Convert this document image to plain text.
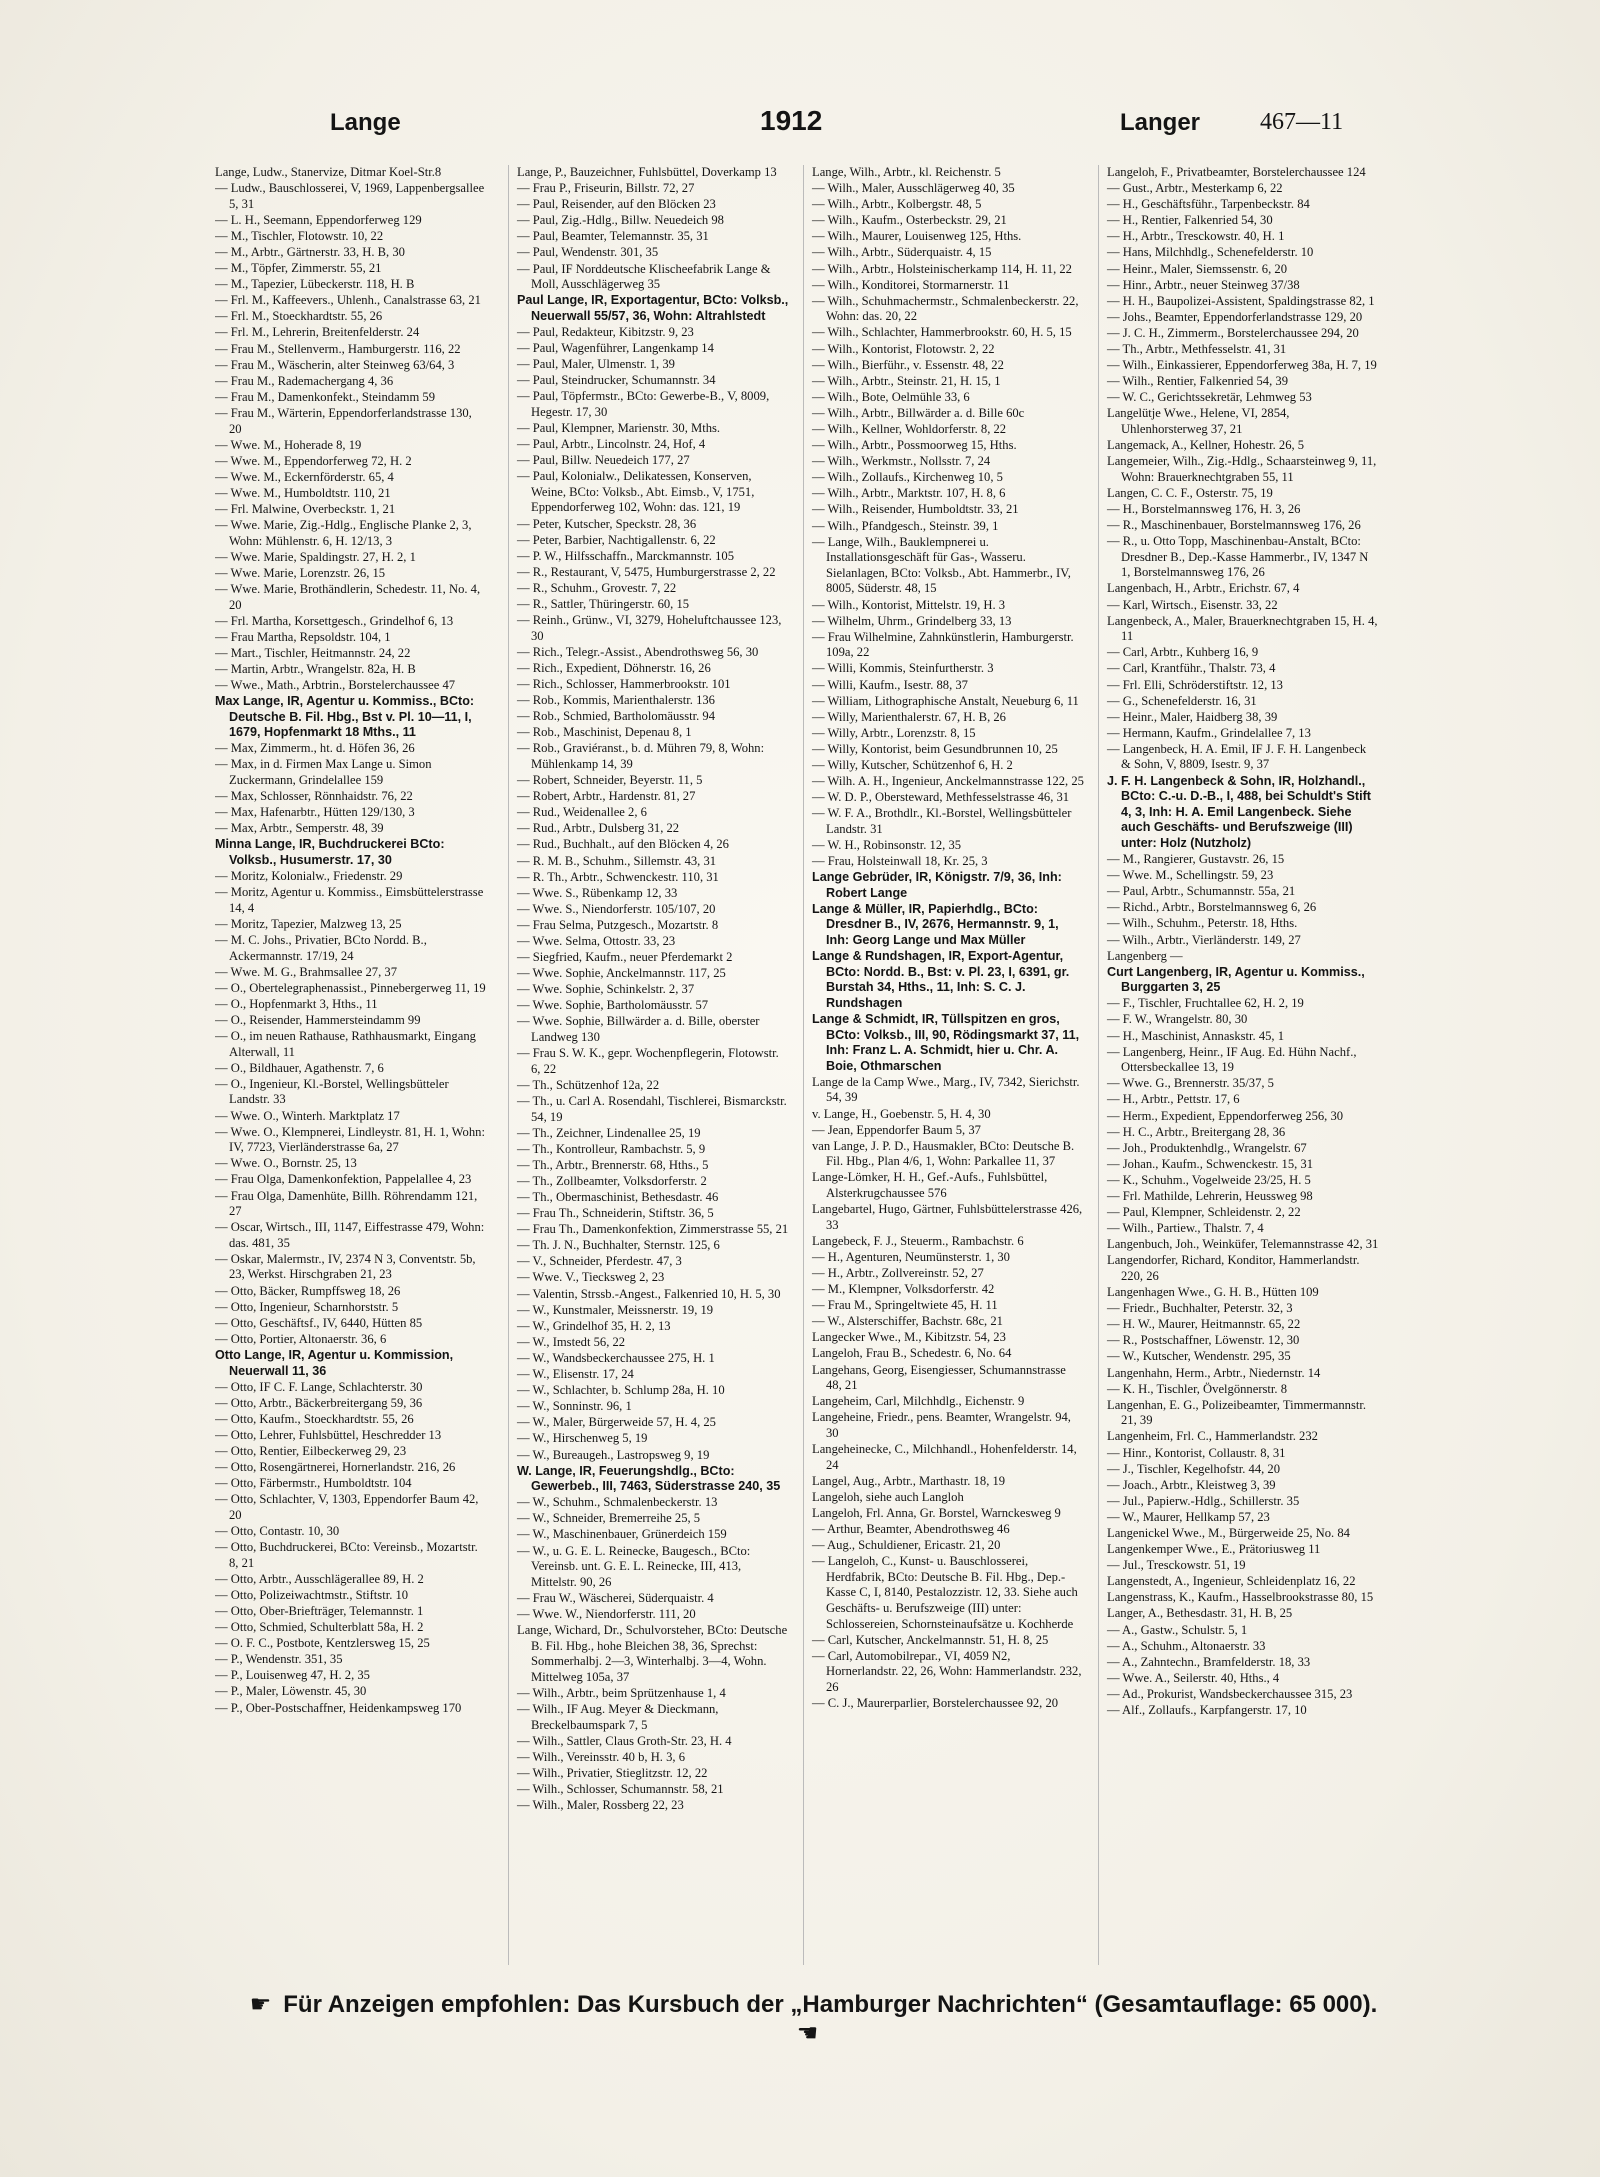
Lange	1912	Langer 467—11
Lange, Ludw., Stanervize, Ditmar Koel-Str.8
— Ludw., Bauschlosserei, V, 1969, Lappenbergsallee 5, 31
— L. H., Seemann, Eppendorferweg 129
— M., Tischler, Flotowstr. 10, 22
— M., Arbtr., Gärtnerstr. 33, H. B, 30
— M., Töpfer, Zimmerstr. 55, 21
— M., Tapezier, Lübeckerstr. 118, H. B
— Frl. M., Kaffeevers., Uhlenh., Canalstrasse 63, 21
— Frl. M., Stoeckhardtstr. 55, 26
— Frl. M., Lehrerin, Breitenfelderstr. 24
— Frau M., Stellenverm., Hamburgerstr. 116, 22
— Frau M., Wäscherin, alter Steinweg 63/64, 3
— Frau M., Rademachergang 4, 36
— Frau M., Damenkonfekt., Steindamm 59
— Frau M., Wärterin, Eppendorferlandstrasse 130, 20
— Wwe. M., Hoherade 8, 19
— Wwe. M., Eppendorferweg 72, H. 2
— Wwe. M., Eckernförderstr. 65, 4
— Wwe. M., Humboldtstr. 110, 21
— Frl. Malwine, Overbeckstr. 1, 21
— Wwe. Marie, Zig.-Hdlg., Englische Planke 2, 3, Wohn: Mühlenstr. 6, H. 12/13, 3
— Wwe. Marie, Spaldingstr. 27, H. 2, 1
— Wwe. Marie, Lorenzstr. 26, 15
— Wwe. Marie, Brothändlerin, Schedestr. 11, No. 4, 20
— Frl. Martha, Korsettgesch., Grindelhof 6, 13
— Frau Martha, Repsoldstr. 104, 1
— Mart., Tischler, Heitmannstr. 24, 22
— Martin, Arbtr., Wrangelstr. 82a, H. B
— Wwe., Math., Arbtrin., Borstelerchaussee 47
Max Lange, IR, Agentur u. Kommiss., BCto: Deutsche B. Fil. Hbg., Bst v. Pl. 10—11, I, 1679, Hopfenmarkt 18 Mths., 11
— Max, Zimmerm., ht. d. Höfen 36, 26
— Max, in d. Firmen Max Lange u. Simon Zuckermann, Grindelallee 159
— Max, Schlosser, Rönnhaidstr. 76, 22
— Max, Hafenarbtr., Hütten 129/130, 3
— Max, Arbtr., Semperstr. 48, 39
Minna Lange, IR, Buchdruckerei BCto: Volksb., Husumerstr. 17, 30
— Moritz, Kolonialw., Friedenstr. 29
— Moritz, Agentur u. Kommiss., Eimsbüttelerstrasse 14, 4
— Moritz, Tapezier, Malzweg 13, 25
— M. C. Johs., Privatier, BCto Nordd. B., Ackermannstr. 17/19, 24
— Wwe. M. G., Brahmsallee 27, 37
— O., Obertelegraphenassist., Pinnebergerweg 11, 19
— O., Hopfenmarkt 3, Hths., 11
— O., Reisender, Hammersteindamm 99
— O., im neuen Rathause, Rathhausmarkt, Eingang Alterwall, 11
— O., Bildhauer, Agathenstr. 7, 6
— O., Ingenieur, Kl.-Borstel, Wellingsbütteler Landstr. 33
— Wwe. O., Winterh. Marktplatz 17
— Wwe. O., Klempnerei, Lindleystr. 81, H. 1, Wohn: IV, 7723, Vierländerstrasse 6a, 27
— Wwe. O., Bornstr. 25, 13
— Frau Olga, Damenkonfektion, Pappelallee 4, 23
— Frau Olga, Damenhüte, Billh. Röhrendamm 121, 27
— Oscar, Wirtsch., III, 1147, Eiffestrasse 479, Wohn: das. 481, 35
— Oskar, Malermstr., IV, 2374 N 3, Conventstr. 5b, 23, Werkst. Hirschgraben 21, 23
— Otto, Bäcker, Rumpffsweg 18, 26
— Otto, Ingenieur, Scharnhorststr. 5
— Otto, Geschäftsf., IV, 6440, Hütten 85
— Otto, Portier, Altonaerstr. 36, 6
Otto Lange, IR, Agentur u. Kommission, Neuerwall 11, 36
— Otto, IF C. F. Lange, Schlachterstr. 30
— Otto, Arbtr., Bäckerbreitergang 59, 36
— Otto, Kaufm., Stoeckhardtstr. 55, 26
— Otto, Lehrer, Fuhlsbüttel, Heschredder 13
— Otto, Rentier, Eilbeckerweg 29, 23
— Otto, Rosengärtnerei, Hornerlandstr. 216, 26
— Otto, Färbermstr., Humboldtstr. 104
— Otto, Schlachter, V, 1303, Eppendorfer Baum 42, 20
— Otto, Contastr. 10, 30
— Otto, Buchdruckerei, BCto: Vereinsb., Mozartstr. 8, 21
— Otto, Arbtr., Ausschlägerallee 89, H. 2
— Otto, Polizeiwachtmstr., Stiftstr. 10
— Otto, Ober-Briefträger, Telemannstr. 1
— Otto, Schmied, Schulterblatt 58a, H. 2
— O. F. C., Postbote, Kentzlersweg 15, 25
— P., Wendenstr. 351, 35
— P., Louisenweg 47, H. 2, 35
— P., Maler, Löwenstr. 45, 30
— P., Ober-Postschaffner, Heidenkampsweg 170
Lange, P., Bauzeichner, Fuhlsbüttel, Doverkamp 13
— Frau P., Friseurin, Billstr. 72, 27
— Paul, Reisender, auf den Blöcken 23
— Paul, Zig.-Hdlg., Billw. Neuedeich 98
— Paul, Beamter, Telemannstr. 35, 31
— Paul, Wendenstr. 301, 35
— Paul, IF Norddeutsche Klischeefabrik Lange & Moll, Ausschlägerweg 35
Paul Lange, IR, Exportagentur, BCto: Volksb., Neuerwall 55/57, 36, Wohn: Altrahlstedt
— Paul, Redakteur, Kibitzstr. 9, 23
— Paul, Wagenführer, Langenkamp 14
— Paul, Maler, Ulmenstr. 1, 39
— Paul, Steindrucker, Schumannstr. 34
— Paul, Töpfermstr., BCto: Gewerbe-B., V, 8009, Hegestr. 17, 30
— Paul, Klempner, Marienstr. 30, Mths.
— Paul, Arbtr., Lincolnstr. 24, Hof, 4
— Paul, Billw. Neuedeich 177, 27
— Paul, Kolonialw., Delikatessen, Konserven, Weine, BCto: Volksb., Abt. Eimsb., V, 1751, Eppendorferweg 102, Wohn: das. 121, 19
— Peter, Kutscher, Speckstr. 28, 36
— Peter, Barbier, Nachtigallenstr. 6, 22
— P. W., Hilfsschaffn., Marckmannstr. 105
— R., Restaurant, V, 5475, Humburgerstrasse 2, 22
— R., Schuhm., Grovestr. 7, 22
— R., Sattler, Thüringerstr. 60, 15
— Reinh., Grünw., VI, 3279, Hoheluftchaussee 123, 30
— Rich., Telegr.-Assist., Abendrothsweg 56, 30
— Rich., Expedient, Döhnerstr. 16, 26
— Rich., Schlosser, Hammerbrookstr. 101
— Rob., Kommis, Marienthalerstr. 136
— Rob., Schmied, Bartholomäusstr. 94
— Rob., Maschinist, Depenau 8, 1
— Rob., Graviéranst., b. d. Mühren 79, 8, Wohn: Mühlenkamp 14, 39
— Robert, Schneider, Beyerstr. 11, 5
— Robert, Arbtr., Hardenstr. 81, 27
— Rud., Weidenallee 2, 6
— Rud., Arbtr., Dulsberg 31, 22
— Rud., Buchhalt., auf den Blöcken 4, 26
— R. M. B., Schuhm., Sillemstr. 43, 31
— R. Th., Arbtr., Schwenckestr. 110, 31
— Wwe. S., Rübenkamp 12, 33
— Wwe. S., Niendorferstr. 105/107, 20
— Frau Selma, Putzgesch., Mozartstr. 8
— Wwe. Selma, Ottostr. 33, 23
— Siegfried, Kaufm., neuer Pferdemarkt 2
— Wwe. Sophie, Anckelmannstr. 117, 25
— Wwe. Sophie, Schinkelstr. 2, 37
— Wwe. Sophie, Bartholomäusstr. 57
— Wwe. Sophie, Billwärder a. d. Bille, oberster Landweg 130
— Frau S. W. K., gepr. Wochenpflegerin, Flotowstr. 6, 22
— Th., Schützenhof 12a, 22
— Th., u. Carl A. Rosendahl, Tischlerei, Bismarckstr. 54, 19
— Th., Zeichner, Lindenallee 25, 19
— Th., Kontrolleur, Rambachstr. 5, 9
— Th., Arbtr., Brennerstr. 68, Hths., 5
— Th., Zollbeamter, Volksdorferstr. 2
— Th., Obermaschinist, Bethesdastr. 46
— Frau Th., Schneiderin, Stiftstr. 36, 5
— Frau Th., Damenkonfektion, Zimmerstrasse 55, 21
— Th. J. N., Buchhalter, Sternstr. 125, 6
— V., Schneider, Pferdestr. 47, 3
— Wwe. V., Tiecksweg 2, 23
— Valentin, Strssb.-Angest., Falkenried 10, H. 5, 30
— W., Kunstmaler, Meissnerstr. 19, 19
— W., Grindelhof 35, H. 2, 13
— W., Imstedt 56, 22
— W., Wandsbeckerchaussee 275, H. 1
— W., Elisenstr. 17, 24
— W., Schlachter, b. Schlump 28a, H. 10
— W., Sonninstr. 96, 1
— W., Maler, Bürgerweide 57, H. 4, 25
— W., Hirschenweg 5, 19
— W., Bureaugeh., Lastropsweg 9, 19
W. Lange, IR, Feuerungshdlg., BCto: Gewerbeb., III, 7463, Süderstrasse 240, 35
— W., Schuhm., Schmalenbeckerstr. 13
— W., Schneider, Bremerreihe 25, 5
— W., Maschinenbauer, Grünerdeich 159
— W., u. G. E. L. Reinecke, Baugesch., BCto: Vereinsb. unt. G. E. L. Reinecke, III, 413, Mittelstr. 90, 26
— Frau W., Wäscherei, Süderquaistr. 4
— Wwe. W., Niendorferstr. 111, 20
Lange, Wichard, Dr., Schulvorsteher, BCto: Deutsche B. Fil. Hbg., hohe Bleichen 38, 36, Sprechst: Sommerhalbj. 2—3, Winterhalbj. 3—4, Wohn. Mittelweg 105a, 37
— Wilh., Arbtr., beim Sprützenhause 1, 4
— Wilh., IF Aug. Meyer & Dieckmann, Breckelbaumspark 7, 5
— Wilh., Sattler, Claus Groth-Str. 23, H. 4
— Wilh., Vereinsstr. 40 b, H. 3, 6
— Wilh., Privatier, Stieglitzstr. 12, 22
— Wilh., Schlosser, Schumannstr. 58, 21
— Wilh., Maler, Rossberg 22, 23
Lange, Wilh., Arbtr., kl. Reichenstr. 5
— Wilh., Maler, Ausschlägerweg 40, 35
— Wilh., Arbtr., Kolbergstr. 48, 5
— Wilh., Kaufm., Osterbeckstr. 29, 21
— Wilh., Maurer, Louisenweg 125, Hths.
— Wilh., Arbtr., Süderquaistr. 4, 15
— Wilh., Arbtr., Holsteinischerkamp 114, H. 11, 22
— Wilh., Konditorei, Stormarnerstr. 11
— Wilh., Schuhmachermstr., Schmalenbeckerstr. 22, Wohn: das. 20, 22
— Wilh., Schlachter, Hammerbrookstr. 60, H. 5, 15
— Wilh., Kontorist, Flotowstr. 2, 22
— Wilh., Bierführ., v. Essenstr. 48, 22
— Wilh., Arbtr., Steinstr. 21, H. 15, 1
— Wilh., Bote, Oelmühle 33, 6
— Wilh., Arbtr., Billwärder a. d. Bille 60c
— Wilh., Kellner, Wohldorferstr. 8, 22
— Wilh., Arbtr., Possmoorweg 15, Hths.
— Wilh., Werkmstr., Nollsstr. 7, 24
— Wilh., Zollaufs., Kirchenweg 10, 5
— Wilh., Arbtr., Marktstr. 107, H. 8, 6
— Wilh., Reisender, Humboldtstr. 33, 21
— Wilh., Pfandgesch., Steinstr. 39, 1
— Lange, Wilh., Bauklempnerei u. Installationsgeschäft für Gas-, Wasseru. Sielanlagen, BCto: Volksb., Abt. Hammerbr., IV, 8005, Süderstr. 48, 15
— Wilh., Kontorist, Mittelstr. 19, H. 3
— Wilhelm, Uhrm., Grindelberg 33, 13
— Frau Wilhelmine, Zahnkünstlerin, Hamburgerstr. 109a, 22
— Willi, Kommis, Steinfurtherstr. 3
— Willi, Kaufm., Isestr. 88, 37
— William, Lithographische Anstalt, Neueburg 6, 11
— Willy, Marienthalerstr. 67, H. B, 26
— Willy, Arbtr., Lorenzstr. 8, 15
— Willy, Kontorist, beim Gesundbrunnen 10, 25
— Willy, Kutscher, Schützenhof 6, H. 2
— Wilh. A. H., Ingenieur, Anckelmannstrasse 122, 25
— W. D. P., Obersteward, Methfesselstrasse 46, 31
— W. F. A., Brothdlr., Kl.-Borstel, Wellingsbütteler Landstr. 31
— W. H., Robinsonstr. 12, 35
— Frau, Holsteinwall 18, Kr. 25, 3
Lange Gebrüder, IR, Königstr. 7/9, 36, Inh: Robert Lange
Lange & Müller, IR, Papierhdlg., BCto: Dresdner B., IV, 2676, Hermannstr. 9, 1, Inh: Georg Lange und Max Müller
Lange & Rundshagen, IR, Export-Agentur, BCto: Nordd. B., Bst: v. Pl. 23, I, 6391, gr. Burstah 34, Hths., 11, Inh: S. C. J. Rundshagen
Lange & Schmidt, IR, Tüllspitzen en gros, BCto: Volksb., III, 90, Rödingsmarkt 37, 11, Inh: Franz L. A. Schmidt, hier u. Chr. A. Boie, Othmarschen
Lange de la Camp Wwe., Marg., IV, 7342, Sierichstr. 54, 39
v. Lange, H., Goebenstr. 5, H. 4, 30
— Jean, Eppendorfer Baum 5, 37
van Lange, J. P. D., Hausmakler, BCto: Deutsche B. Fil. Hbg., Plan 4/6, 1, Wohn: Parkallee 11, 37
Lange-Lömker, H. H., Gef.-Aufs., Fuhlsbüttel, Alsterkrugchaussee 576
Langebartel, Hugo, Gärtner, Fuhlsbüttelerstrasse 426, 33
Langebeck, F. J., Steuerm., Rambachstr. 6
— H., Agenturen, Neumünsterstr. 1, 30
— H., Arbtr., Zollvereinstr. 52, 27
— M., Klempner, Volksdorferstr. 42
— Frau M., Springeltwiete 45, H. 11
— W., Alsterschiffer, Bachstr. 68c, 21
Langecker Wwe., M., Kibitzstr. 54, 23
Langeloh, Frau B., Schedestr. 6, No. 64
Langehans, Georg, Eisengiesser, Schumannstrasse 48, 21
Langeheim, Carl, Milchhdlg., Eichenstr. 9
Langeheine, Friedr., pens. Beamter, Wrangelstr. 94, 30
Langeheinecke, C., Milchhandl., Hohenfelderstr. 14, 24
Langel, Aug., Arbtr., Marthastr. 18, 19
Langeloh, siehe auch Langloh
Langeloh, Frl. Anna, Gr. Borstel, Warnckesweg 9
— Arthur, Beamter, Abendrothsweg 46
— Aug., Schuldiener, Ericastr. 21, 20
— Langeloh, C., Kunst- u. Bauschlosserei, Herdfabrik, BCto: Deutsche B. Fil. Hbg., Dep.-Kasse C, I, 8140, Pestalozzistr. 12, 33. Siehe auch Geschäfts- u. Berufszweige (III) unter: Schlossereien, Schornsteinaufsätze u. Kochherde
— Carl, Kutscher, Anckelmannstr. 51, H. 8, 25
— Carl, Automobilrepar., VI, 4059 N2, Hornerlandstr. 22, 26, Wohn: Hammerlandstr. 232, 26
— C. J., Maurerparlier, Borstelerchaussee 92, 20
Langeloh, F., Privatbeamter, Borstelerchaussee 124
— Gust., Arbtr., Mesterkamp 6, 22
— H., Geschäftsführ., Tarpenbeckstr. 84
— H., Rentier, Falkenried 54, 30
— H., Arbtr., Tresckowstr. 40, H. 1
— Hans, Milchhdlg., Schenefelderstr. 10
— Heinr., Maler, Siemssenstr. 6, 20
— Hinr., Arbtr., neuer Steinweg 37/38
— H. H., Baupolizei-Assistent, Spaldingstrasse 82, 1
— Johs., Beamter, Eppendorferlandstrasse 129, 20
— J. C. H., Zimmerm., Borstelerchaussee 294, 20
— Th., Arbtr., Methfesselstr. 41, 31
— Wilh., Einkassierer, Eppendorferweg 38a, H. 7, 19
— Wilh., Rentier, Falkenried 54, 39
— W. C., Gerichtssekretär, Lehmweg 53
Langelütje Wwe., Helene, VI, 2854, Uhlenhorsterweg 37, 21
Langemack, A., Kellner, Hohestr. 26, 5
Langemeier, Wilh., Zig.-Hdlg., Schaarsteinweg 9, 11, Wohn: Brauerknechtgraben 55, 11
Langen, C. C. F., Osterstr. 75, 19
— H., Borstelmannsweg 176, H. 3, 26
— R., Maschinenbauer, Borstelmannsweg 176, 26
— R., u. Otto Topp, Maschinenbau-Anstalt, BCto: Dresdner B., Dep.-Kasse Hammerbr., IV, 1347 N 1, Borstelmannsweg 176, 26
Langenbach, H., Arbtr., Erichstr. 67, 4
— Karl, Wirtsch., Eisenstr. 33, 22
Langenbeck, A., Maler, Brauerknechtgraben 15, H. 4, 11
— Carl, Arbtr., Kuhberg 16, 9
— Carl, Krantführ., Thalstr. 73, 4
— Frl. Elli, Schröderstiftstr. 12, 13
— G., Schenefelderstr. 16, 31
— Heinr., Maler, Haidberg 38, 39
— Hermann, Kaufm., Grindelallee 7, 13
— Langenbeck, H. A. Emil, IF J. F. H. Langenbeck & Sohn, V, 8809, Isestr. 9, 37
J. F. H. Langenbeck & Sohn, IR, Holzhandl., BCto: C.-u. D.-B., I, 488, bei Schuldt's Stift 4, 3, Inh: H. A. Emil Langenbeck. Siehe auch Geschäfts- und Berufszweige (III) unter: Holz (Nutzholz)
— M., Rangierer, Gustavstr. 26, 15
— Wwe. M., Schellingstr. 59, 23
— Paul, Arbtr., Schumannstr. 55a, 21
— Richd., Arbtr., Borstelmannsweg 6, 26
— Wilh., Schuhm., Peterstr. 18, Hths.
— Wilh., Arbtr., Vierländerstr. 149, 27
Langenberg —
Curt Langenberg, IR, Agentur u. Kommiss., Burggarten 3, 25
— F., Tischler, Fruchtallee 62, H. 2, 19
— F. W., Wrangelstr. 80, 30
— H., Maschinist, Annaskstr. 45, 1
— Langenberg, Heinr., IF Aug. Ed. Hühn Nachf., Ottersbeckallee 13, 19
— Wwe. G., Brennerstr. 35/37, 5
— H., Arbtr., Pettstr. 17, 6
— Herm., Expedient, Eppendorferweg 256, 30
— H. C., Arbtr., Breitergang 28, 36
— Joh., Produktenhdlg., Wrangelstr. 67
— Johan., Kaufm., Schwenckestr. 15, 31
— K., Schuhm., Vogelweide 23/25, H. 5
— Frl. Mathilde, Lehrerin, Heussweg 98
— Paul, Klempner, Schleidenstr. 2, 22
— Wilh., Partiew., Thalstr. 7, 4
Langenbuch, Joh., Weinküfer, Telemannstrasse 42, 31
Langendorfer, Richard, Konditor, Hammerlandstr. 220, 26
Langenhagen Wwe., G. H. B., Hütten 109
— Friedr., Buchhalter, Peterstr. 32, 3
— H. W., Maurer, Heitmannstr. 65, 22
— R., Postschaffner, Löwenstr. 12, 30
— W., Kutscher, Wendenstr. 295, 35
Langenhahn, Herm., Arbtr., Niedernstr. 14
— K. H., Tischler, Övelgönnerstr. 8
Langenhan, E. G., Polizeibeamter, Timmermannstr. 21, 39
Langenheim, Frl. C., Hammerlandstr. 232
— Hinr., Kontorist, Collaustr. 8, 31
— J., Tischler, Kegelhofstr. 44, 20
— Joach., Arbtr., Kleistweg 3, 39
— Jul., Papierw.-Hdlg., Schillerstr. 35
— W., Maurer, Hellkamp 57, 23
Langenickel Wwe., M., Bürgerweide 25, No. 84
Langenkemper Wwe., E., Prätoriusweg 11
— Jul., Tresckowstr. 51, 19
Langenstedt, A., Ingenieur, Schleidenplatz 16, 22
Langenstrass, K., Kaufm., Hasselbrookstrasse 80, 15
Langer, A., Bethesdastr. 31, H. B, 25
— A., Gastw., Schulstr. 5, 1
— A., Schuhm., Altonaerstr. 33
— A., Zahntechn., Bramfelderstr. 18, 33
— Wwe. A., Seilerstr. 40, Hths., 4
— Ad., Prokurist, Wandsbeckerchaussee 315, 23
— Alf., Zollaufs., Karpfangerstr. 17, 10
☛ Für Anzeigen empfohlen: Das Kursbuch der „Hamburger Nachrichten“ (Gesamtauflage: 65 000).☚
